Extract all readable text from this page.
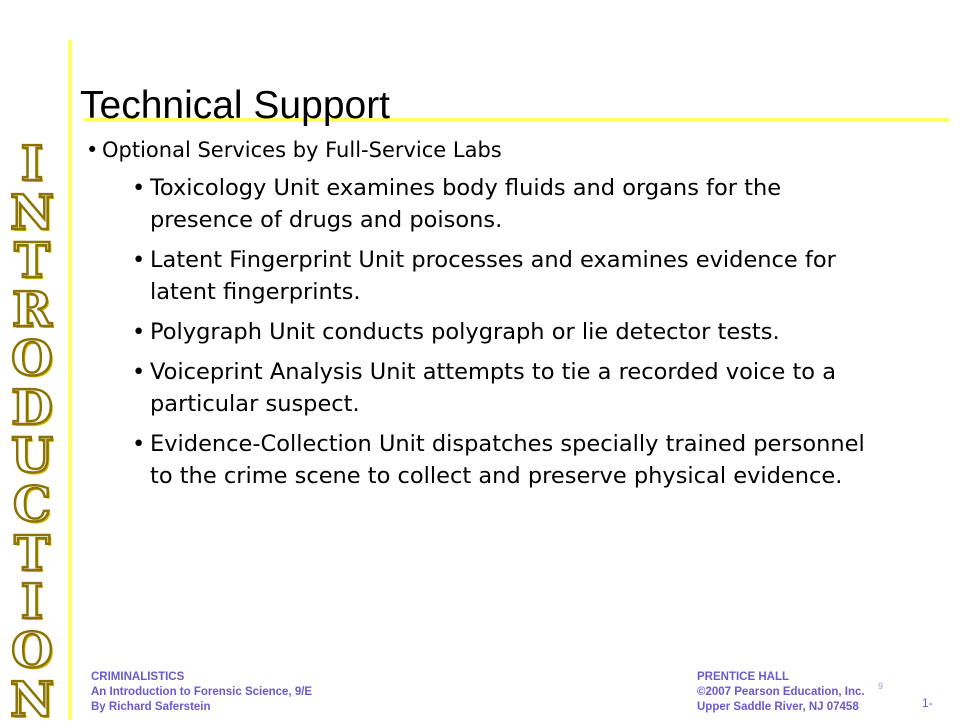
I
N
T
R
O
D
U
C
T
I
O
N
Technical Support
• Optional Services by Full-Service Labs
• Toxicology Unit examines body fluids and organs for the presence of drugs and poisons.
• Latent Fingerprint Unit processes and examines evidence for latent fingerprints.
• Polygraph Unit conducts polygraph or lie detector tests.
• Voiceprint Analysis Unit attempts to tie a recorded voice to a particular suspect.
• Evidence-Collection Unit dispatches specially trained personnel to the crime scene to collect and preserve physical evidence.
CRIMINALISTICS
An Introduction to Forensic Science, 9/E
By Richard Saferstein
PRENTICE HALL
©2007 Pearson Education, Inc.
Upper Saddle River, NJ 07458
9
1-
